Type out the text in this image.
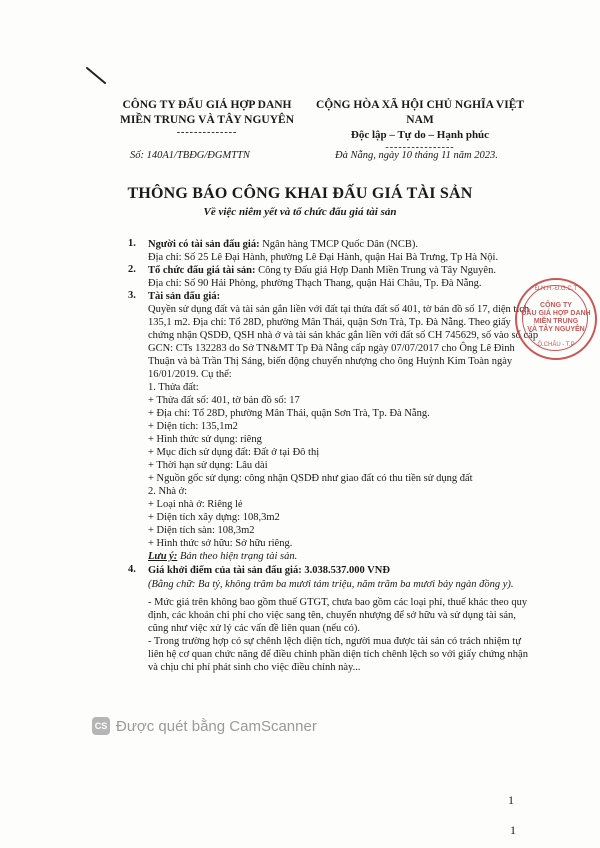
CÔNG TY ĐẤU GIÁ HỢP DANH
MIỀN TRUNG VÀ TÂY NGUYÊN
--------------
CỘNG HÒA XÃ HỘI CHỦ NGHĨA VIỆT NAM
Độc lập – Tự do – Hạnh phúc
----------------
Số: 140A1/TBĐG/ĐGMTTN	Đà Nẵng, ngày 10 tháng 11 năm 2023.
THÔNG BÁO CÔNG KHAI ĐẤU GIÁ TÀI SẢN
Về việc niêm yết và tổ chức đấu giá tài sản
1. Người có tài sản đấu giá: Ngân hàng TMCP Quốc Dân (NCB).
Địa chỉ: Số 25 Lê Đại Hành, phường Lê Đại Hành, quận Hai Bà Trưng, Tp Hà Nội.
2. Tổ chức đấu giá tài sản: Công ty Đấu giá Hợp Danh Miền Trung và Tây Nguyên.
Địa chỉ: Số 90 Hải Phòng, phường Thạch Thang, quận Hải Châu, Tp. Đà Nẵng.
3. Tài sản đấu giá:
Quyền sử dụng đất và tài sản gắn liền với đất tại thửa đất số 401, tờ bản đồ số 17, diện tích
135,1 m2. Địa chỉ: Tổ 28D, phường Mân Thái, quận Sơn Trà, Tp. Đà Nẵng. Theo giấy
chứng nhận QSDĐ, QSH nhà ở và tài sản khác gắn liền với đất số CH 745629, số vào sổ cấp
GCN: CTs 132283 do Sở TN&MT Tp Đà Nẵng cấp ngày 07/07/2017 cho Ông Lê Đình
Thuận và bà Trần Thị Sáng, biến động chuyển nhượng cho ông Huỳnh Kim Toàn ngày
16/01/2019. Cụ thể:
1. Thửa đất:
+ Thửa đất số: 401, tờ bản đồ số: 17
+ Địa chỉ: Tổ 28D, phường Mân Thái, quận Sơn Trà, Tp. Đà Nẵng.
+ Diện tích: 135,1m2
+ Hình thức sử dụng: riêng
+ Mục đích sử dụng đất: Đất ở tại Đô thị
+ Thời hạn sử dụng: Lâu dài
+ Nguồn gốc sử dụng: công nhận QSDĐ như giao đất có thu tiền sử dụng đất
2. Nhà ở:
+ Loại nhà ở: Riêng lẻ
+ Diện tích xây dựng: 108,3m2
+ Diện tích sàn: 108,3m2
+ Hình thức sở hữu: Sở hữu riêng.
Lưu ý: Bán theo hiện trạng tài sản.
4. Giá khởi điểm của tài sản đấu giá: 3.038.537.000 VNĐ
(Bằng chữ: Ba tỷ, không trăm ba mươi tám triệu, năm trăm ba mươi bảy ngàn đồng y).
- Mức giá trên không bao gồm thuế GTGT, chưa bao gồm các loại phí, thuế khác theo quy
định, các khoản chi phí cho việc sang tên, chuyển nhượng để sở hữu và sử dụng tài sản,
cũng như việc xử lý các vấn đề liên quan (nếu có).
- Trong trường hợp có sự chênh lệch diện tích, người mua được tài sản có trách nhiệm tự
liên hệ cơ quan chức năng để điều chỉnh phần diện tích chênh lệch so với giấy chứng nhận
và chịu chi phí phát sinh cho việc điều chỉnh này...
* Đ.N.H.-Đ.G.C.T *
CÔNG TY
ĐẤU GIÁ HỢP DANH
MIỀN TRUNG
VÀ TÂY NGUYÊN
Ô.CHÂU - T.P
CS Được quét bằng CamScanner
1
1
